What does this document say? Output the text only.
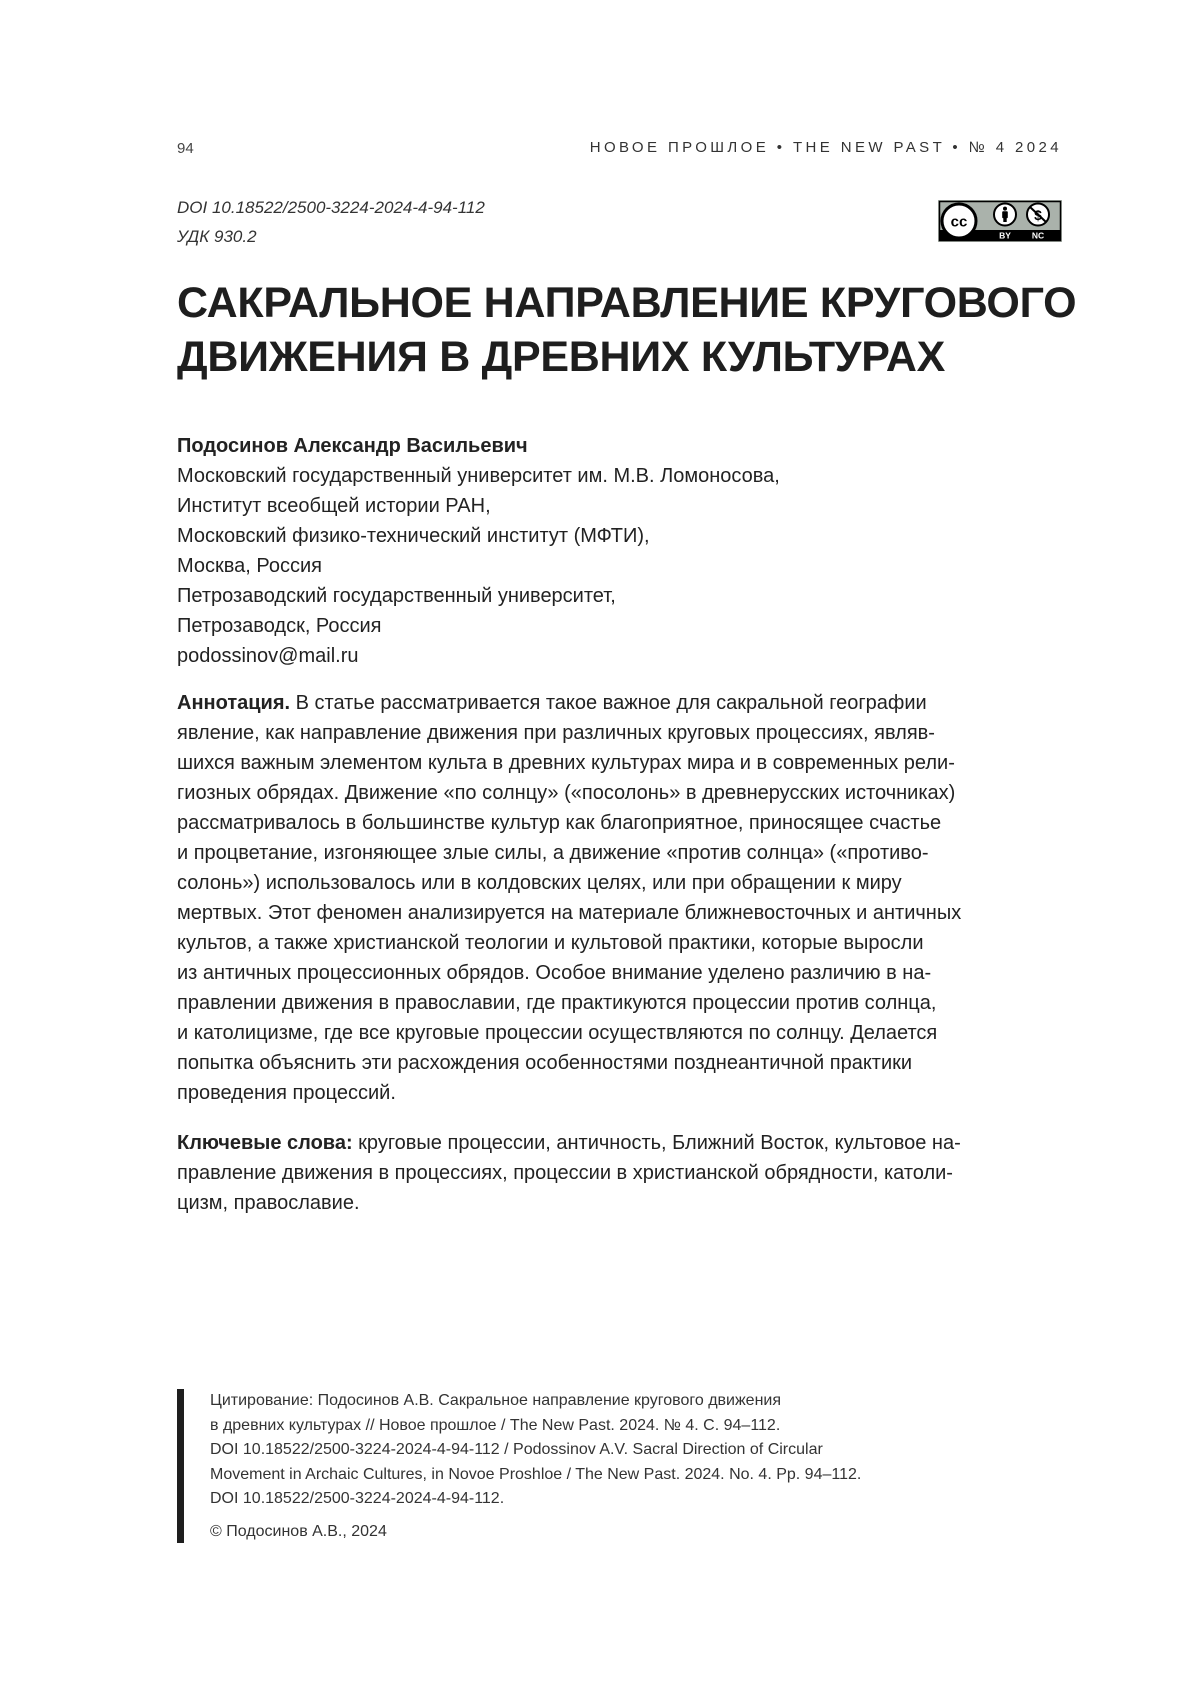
94	НОВОЕ ПРОШЛОЕ • THE NEW PAST • № 4 2024
DOI 10.18522/2500-3224-2024-4-94-112
УДК 930.2
cc
BY NC
САКРАЛЬНОЕ НАПРАВЛЕНИЕ КРУГОВОГО
ДВИЖЕНИЯ В ДРЕВНИХ КУЛЬТУРАХ
Подосинов Александр Васильевич
Московский государственный университет им. М.В. Ломоносова,
Институт всеобщей истории РАН,
Московский физико-технический институт (МФТИ),
Москва, Россия
Петрозаводский государственный университет,
Петрозаводск, Россия
podossinov@mail.ru
Аннотация. В статье рассматривается такое важное для сакральной географии
явление, как направление движения при различных круговых процессиях, являв-
шихся важным элементом культа в древних культурах мира и в современных рели-
гиозных обрядах. Движение «по солнцу» («посолонь» в древнерусских источниках)
рассматривалось в большинстве культур как благоприятное, приносящее счастье
и процветание, изгоняющее злые силы, а движение «против солнца» («противо-
солонь») использовалось или в колдовских целях, или при обращении к миру
мертвых. Этот феномен анализируется на материале ближневосточных и античных
культов, а также христианской теологии и культовой практики, которые выросли
из античных процессионных обрядов. Особое внимание уделено различию в на-
правлении движения в православии, где практикуются процессии против солнца,
и католицизме, где все круговые процессии осуществляются по солнцу. Делается
попытка объяснить эти расхождения особенностями позднеантичной практики
проведения процессий.
Ключевые слова: круговые процессии, античность, Ближний Восток, культовое на-
правление движения в процессиях, процессии в христианской обрядности, католи-
цизм, православие.
Цитирование: Подосинов А.В. Сакральное направление кругового движения
в древних культурах // Новое прошлое / The New Past. 2024. № 4. С. 94–112.
DOI 10.18522/2500-3224-2024-4-94-112 / Podossinov A.V. Sacral Direction of Circular
Movement in Archaic Cultures, in Novoe Proshloe / The New Past. 2024. No. 4. Pp. 94–112.
DOI 10.18522/2500-3224-2024-4-94-112.
© Подосинов А.В., 2024
